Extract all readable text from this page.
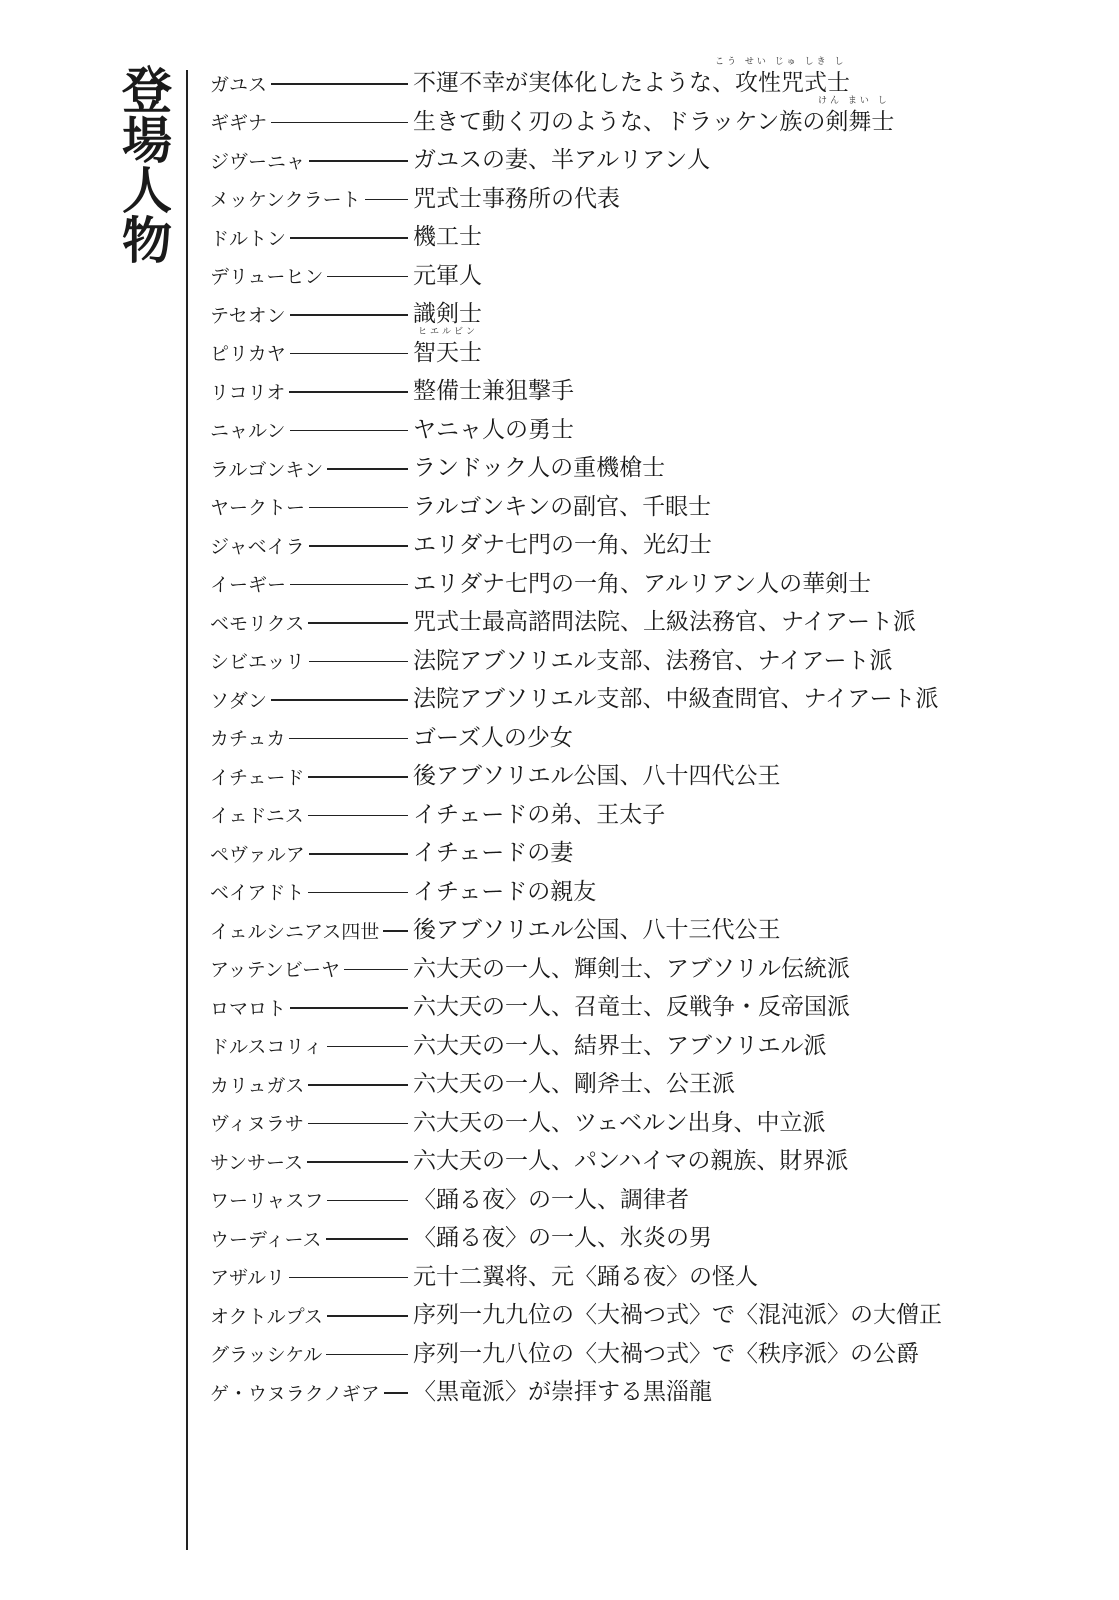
登場人物 ガユス	不運不幸が実体化したような、攻性咒式士
こう せい じゅ しき し
ギギナ	生きて動く刃のような、ドラッケン族の剣舞士
けん まい し
ジヴーニャ	ガユスの妻、半アルリアン人
メッケンクラート 咒式士事務所の代表
ドルトン	機工士
デリューヒン	元軍人
テセオン	識剣士
ピリカヤ	智天士
ヒエルビン
リコリオ	整備士兼狙撃手
ニャルン	ヤニャ人の勇士
ラルゴンキン	ランドック人の重機槍士
ヤークトー	ラルゴンキンの副官、千眼士
ジャベイラ	エリダナ七門の一角、光幻士
イーギー	エリダナ七門の一角、アルリアン人の華剣士
ベモリクス	咒式士最高諮問法院、上級法務官、ナイアート派
シビエッリ	法院アブソリエル支部、法務官、ナイアート派
ソダン	法院アブソリエル支部、中級査問官、ナイアート派
カチュカ	ゴーズ人の少女
イチェード	後アブソリエル公国、八十四代公王
イェドニス	イチェードの弟、王太子
ペヴァルア	イチェードの妻
ベイアドト	イチェードの親友
イェルシニアス四世 後アブソリエル公国、八十三代公王
アッテンビーヤ	六大天の一人、輝剣士、アブソリル伝統派
ロマロト	六大天の一人、召竜士、反戦争・反帝国派
ドルスコリィ	六大天の一人、結界士、アブソリエル派
カリュガス	六大天の一人、剛斧士、公王派
ヴィヌラサ	六大天の一人、ツェベルン出身、中立派
サンサース	六大天の一人、パンハイマの親族、財界派
ワーリャスフ	〈踊る夜〉の一人、調律者
ウーディース	〈踊る夜〉の一人、氷炎の男
アザルリ	元十二翼将、元〈踊る夜〉の怪人
オクトルプス	序列一九九位の〈大禍つ式〉で〈混沌派〉の大僧正
グラッシケル	序列一九八位の〈大禍つ式〉で〈秩序派〉の公爵
ゲ・ウヌラクノギア 〈黒竜派〉が崇拝する黒淄龍
